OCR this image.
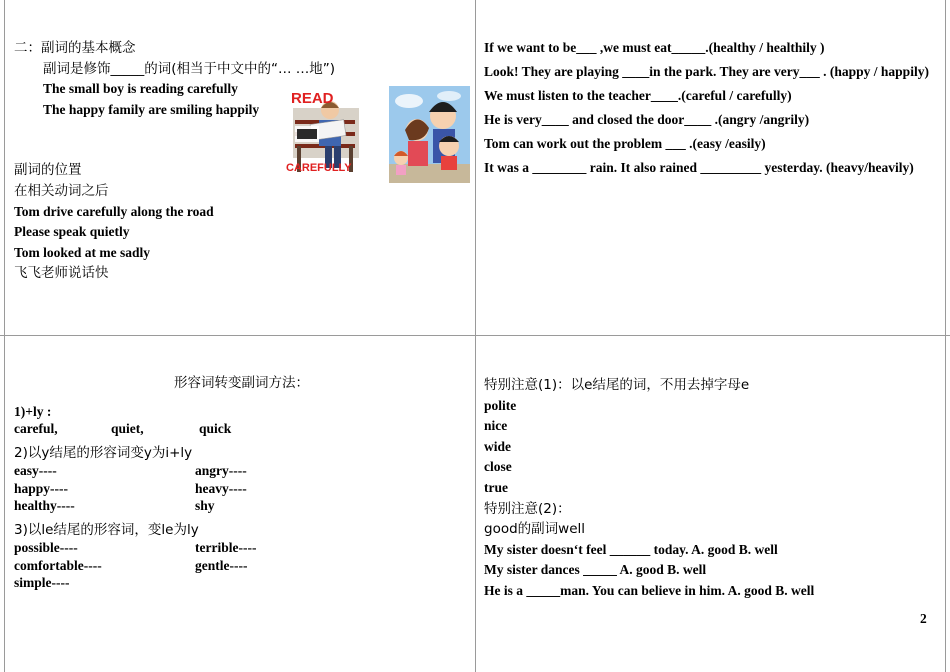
二：副词的基本概念
副词是修饰_____的词(相当于中文中的“… …地”)
The small boy is reading carefully
The happy family are smiling happily
副词的位置
在相关动词之后
Tom drive carefully along the road
Please speak quietly
Tom looked at me sadly
飞飞老师说话快
READ
CAREFULLY
If we want to be___ ,we must eat_____.(healthy / healthily )
Look! They are playing ____in the park. They are very___ . (happy / happily)
We must listen to the teacher____.(careful / carefully)
He is very____ and closed the door____ .(angry /angrily)
Tom can work out the problem ___ .(easy /easily)
It was a ________ rain. It also rained _________ yesterday. (heavy/heavily)
形容词转变副词方法：
1)+ly :
careful,	quiet,	quick
2)以y结尾的形容词变y为i+ly
easy----	angry----
happy----	heavy----
healthy----	shy
3)以le结尾的形容词，变le为ly
possible----	terrible----
comfortable----	gentle----
simple----
特别注意(1)：以e结尾的词，不用去掉字母e
polite
nice
wide
close
true
特别注意(2)：
good的副词well
My sister doesn‘t feel ______ today. A. good B. well
My sister dances _____ A. good B. well
He is a _____man. You can believe in him. A. good B. well
2
